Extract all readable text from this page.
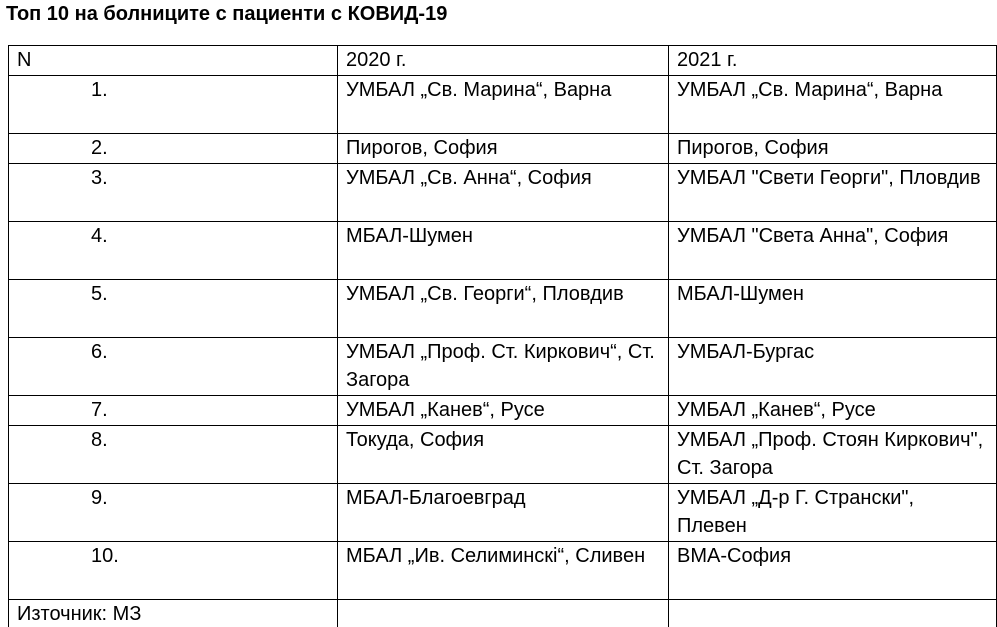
Топ 10 на болниците с пациенти с КОВИД-19
N	2020 г.	2021 г.
1.	УМБАЛ „Св. Марина“, Варна	УМБАЛ „Св. Марина“, Варна
2.	Пирогов, София	Пирогов, София
3.	УМБАЛ „Св. Анна“, София	УМБАЛ "Свети Георги", Пловдив
4.	МБАЛ-Шумен	УМБАЛ "Света Анна", София
5.	УМБАЛ „Св. Георги“, Пловдив	МБАЛ-Шумен
6.	УМБАЛ „Проф. Ст. Киркович“, Ст. Загора	УМБАЛ-Бургас
7.	УМБАЛ „Канев“, Русе	УМБАЛ „Канев“, Русе
8.	Токуда, София	УМБАЛ „Проф. Стоян Киркович", Ст. Загора
9.	МБАЛ-Благоевград	УМБАЛ „Д-р Г. Странски", Плевен
10.	МБАЛ „Ив. Селиминскi“, Сливен	ВМА-София
Източник: МЗ		
